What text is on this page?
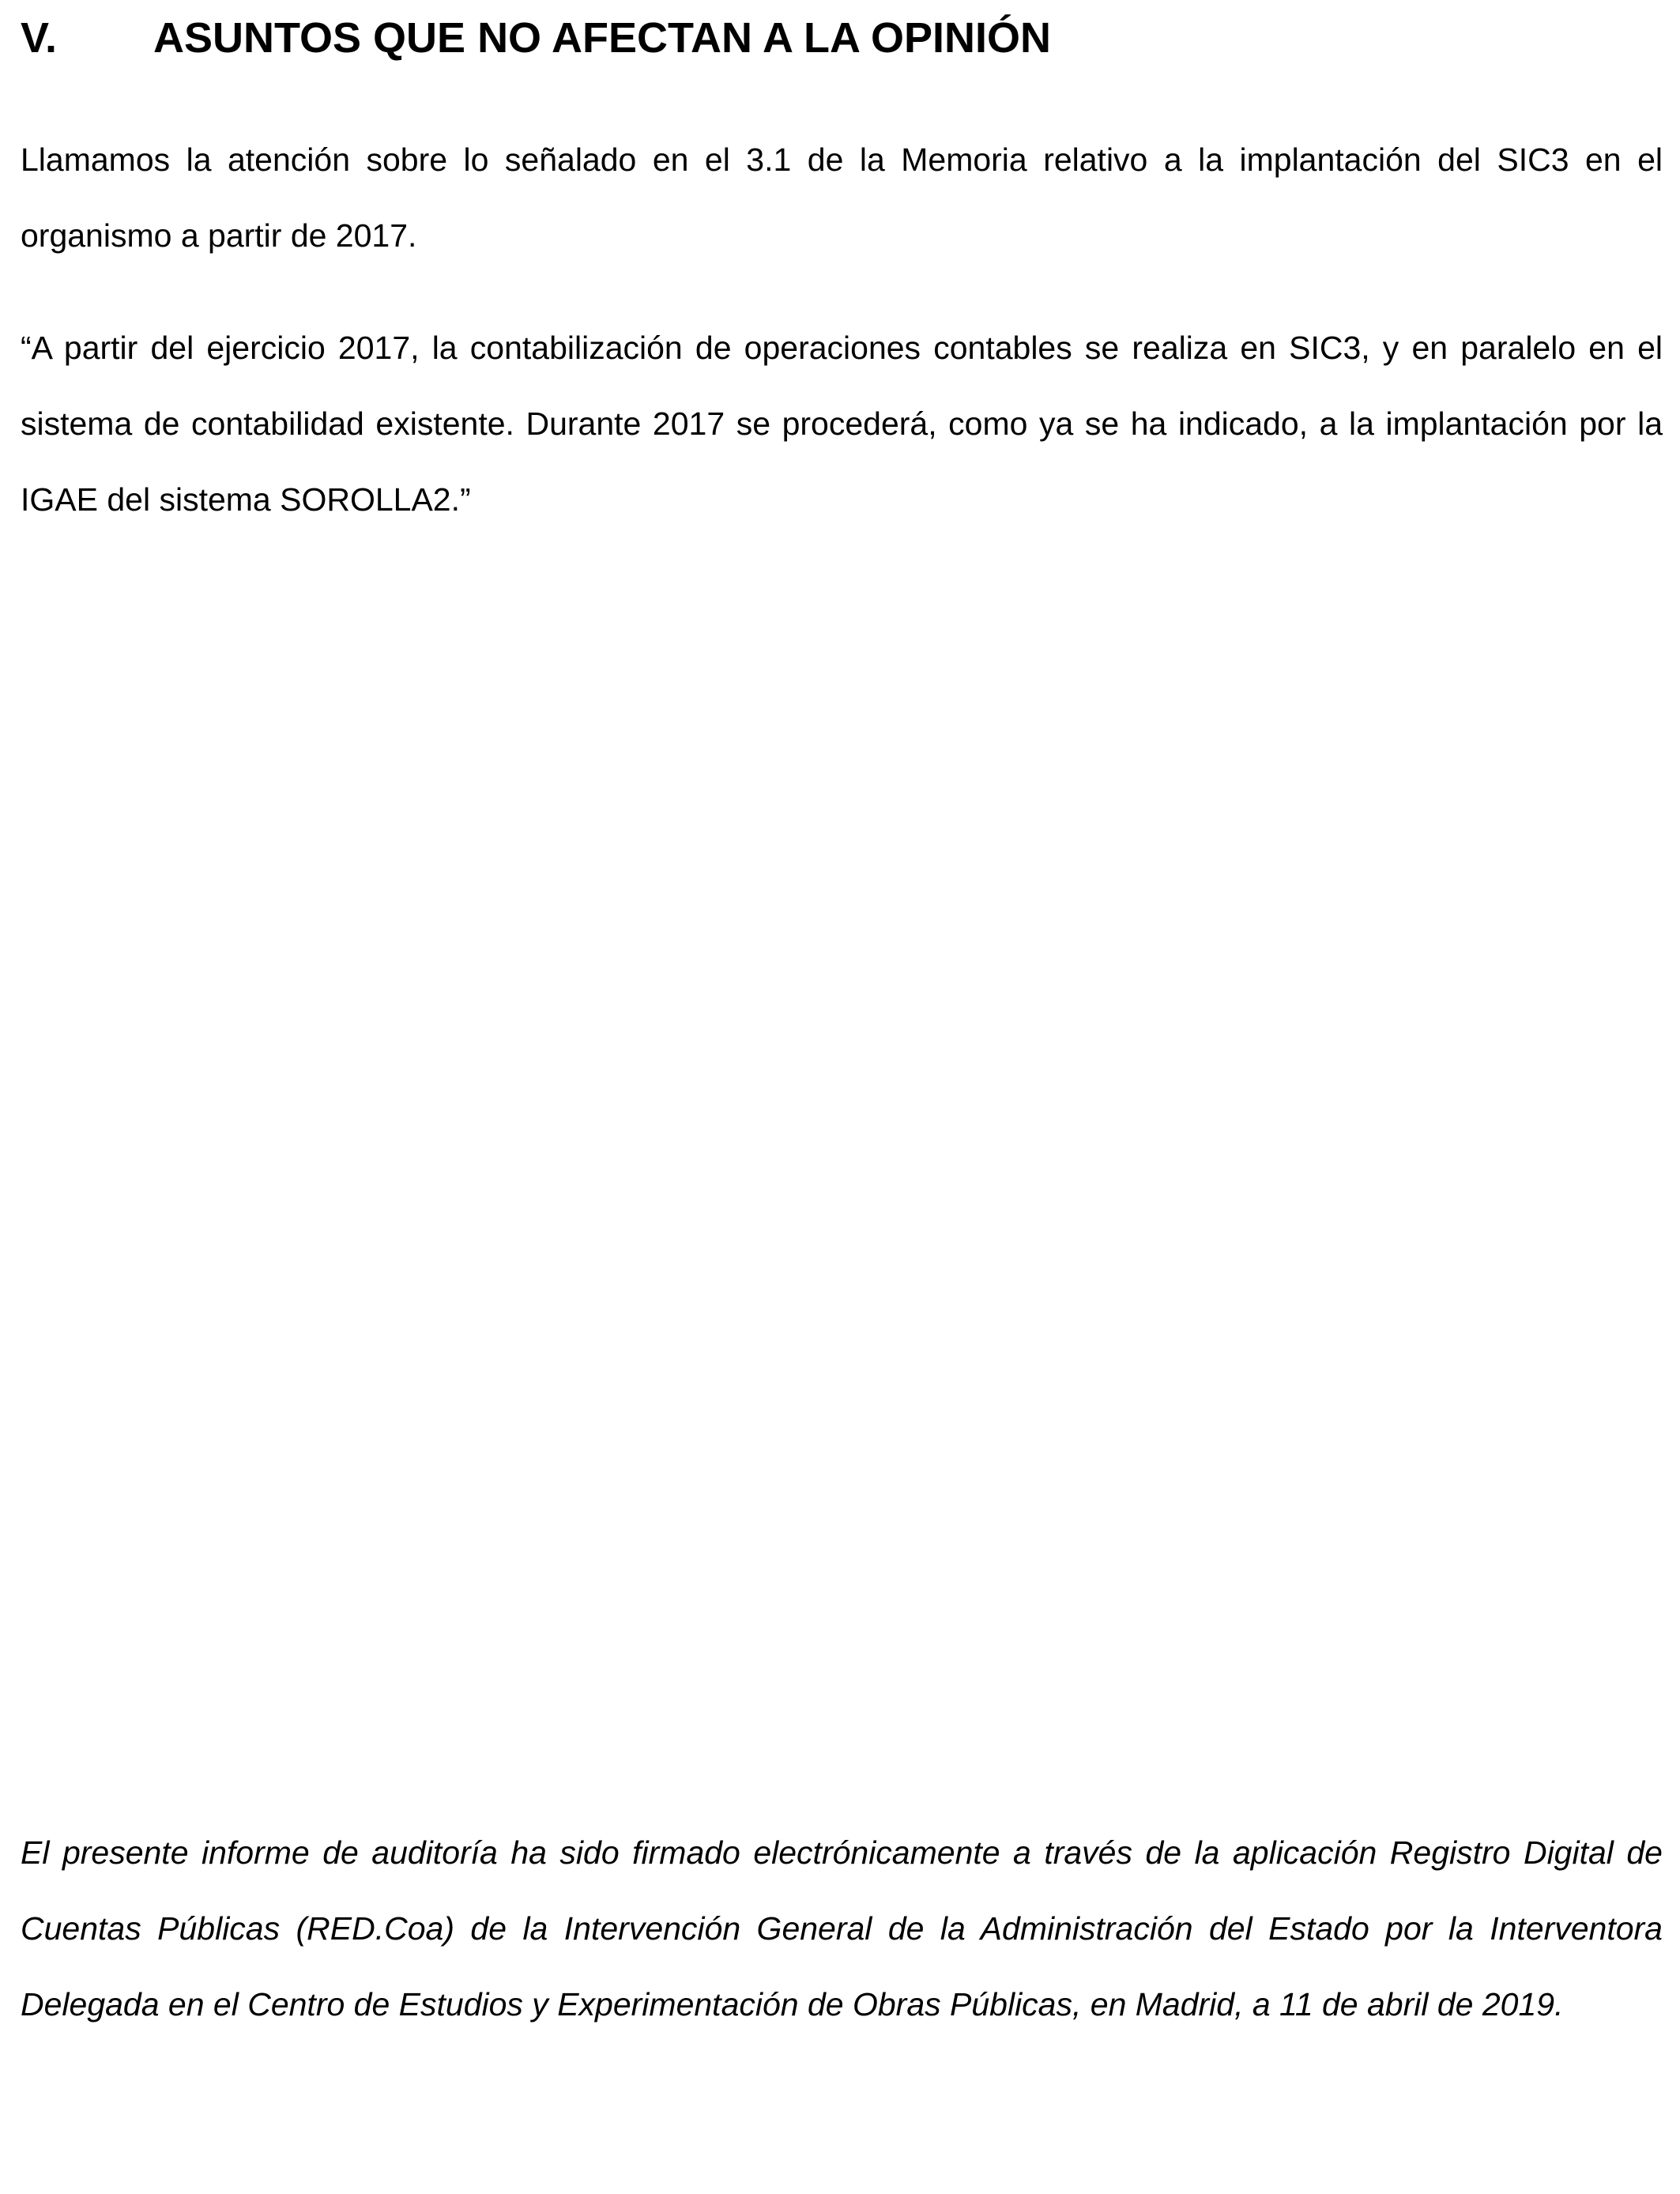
V.	ASUNTOS QUE NO AFECTAN A LA OPINIÓN

Llamamos la atención sobre lo señalado en el 3.1 de la Memoria relativo a la implantación del SIC3 en el organismo a partir de 2017.

“A partir del ejercicio 2017, la contabilización de operaciones contables se realiza en SIC3, y en paralelo en el sistema de contabilidad existente. Durante 2017 se procederá, como ya se ha indicado, a la implantación por la IGAE del sistema SOROLLA2.”

El presente informe de auditoría ha sido firmado electrónicamente a través de la aplicación Registro Digital de Cuentas Públicas (RED.Coa) de la Intervención General de la Administración del Estado por la Interventora Delegada en el Centro de Estudios y Experimentación de Obras Públicas, en Madrid, a 11 de abril de 2019.
